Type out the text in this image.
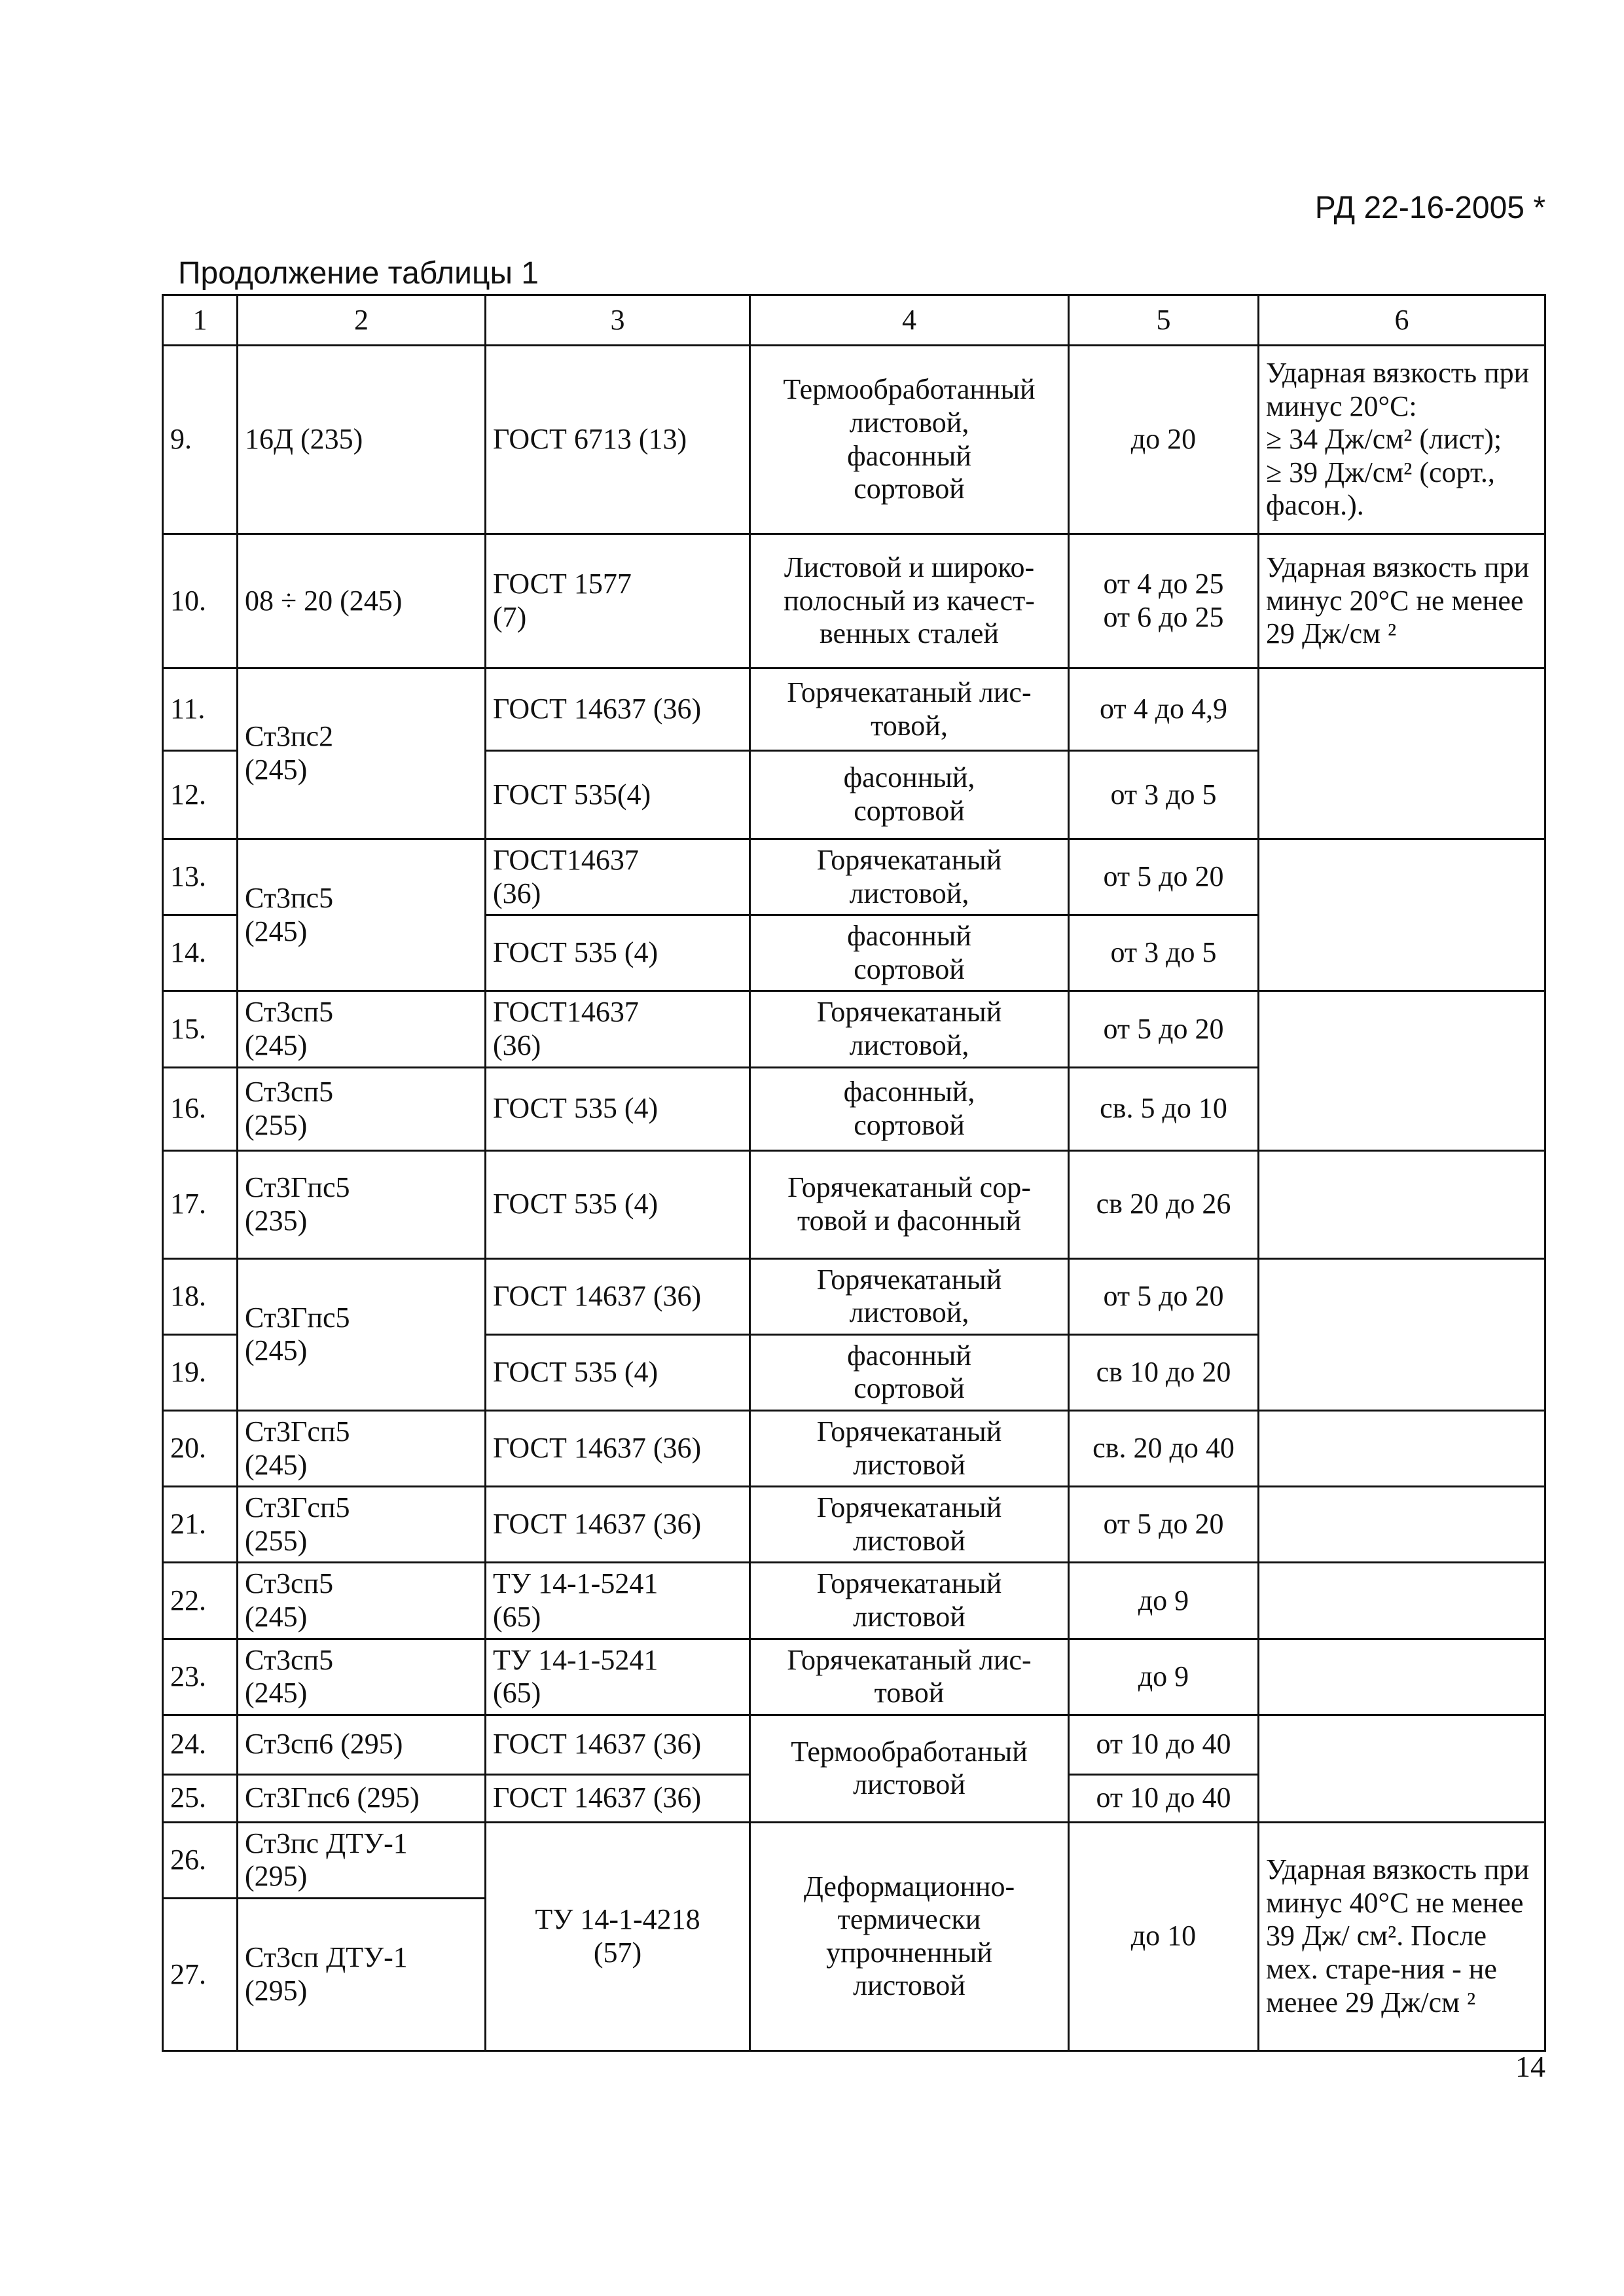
РД 22-16-2005 *
Продолжение таблицы 1
1	2	3	4	5	6
9.	16Д (235)	ГОСТ 6713 (13)	Термообработанный
листовой,
фасонный
сортовой	до 20	Ударная вязкость при минус 20°С:
≥ 34 Дж/см² (лист);
≥ 39 Дж/см² (сорт., фасон.).
10.	08 ÷ 20 (245)	ГОСТ 1577
(7)	Листовой и широко-
полосный из качест-
венных сталей	от 4 до 25
от 6 до 25	Ударная вязкость при минус 20°С не менее 29 Дж/см ²
11.	Ст3пс2
(245)	ГОСТ 14637 (36)	Горячекатаный лис-
товой,	от 4 до 4,9	
12.		ГОСТ 535(4)	фасонный,
сортовой	от 3 до 5	
13.	Ст3пс5
(245)	ГОСТ14637
(36)	Горячекатаный
листовой,	от 5 до 20	
14.		ГОСТ 535 (4)	фасонный
сортовой	от 3 до 5	
15.	Ст3сп5
(245)	ГОСТ14637
(36)	Горячекатаный
листовой,	от 5 до 20	
16.	Ст3сп5
(255)	ГОСТ 535 (4)	фасонный,
сортовой	св. 5 до 10	
17.	Ст3Гпс5
(235)	ГОСТ 535 (4)	Горячекатаный сор-
товой и фасонный	св 20 до 26	
18.	Ст3Гпс5
(245)	ГОСТ 14637 (36)	Горячекатаный
листовой,	от 5 до 20	
19.		ГОСТ 535 (4)	фасонный
сортовой	св 10 до 20	
20.	Ст3Гсп5
(245)	ГОСТ 14637 (36)	Горячекатаный
листовой	св. 20 до 40	
21.	Ст3Гсп5
(255)	ГОСТ 14637 (36)	Горячекатаный
листовой	от 5 до 20	
22.	Ст3сп5
(245)	ТУ 14-1-5241
(65)	Горячекатаный
листовой	до 9	
23.	Ст3сп5
(245)	ТУ 14-1-5241
(65)	Горячекатаный лис-
товой	до 9	
24.	Ст3сп6 (295)	ГОСТ 14637 (36)	Термообработаный
листовой	от 10 до 40	
25.	Ст3Гпс6 (295)	ГОСТ 14637 (36)		от 10 до 40	
26.	Ст3пс ДТУ-1
(295)	ТУ 14-1-4218
(57)	Деформационно-
термически
упрочненный
листовой	до 10	Ударная вязкость при минус 40°С не менее 39 Дж/ см². После мех. старе-ния - не менее 29 Дж/см ²
27.	Ст3сп ДТУ-1
(295)				
14
